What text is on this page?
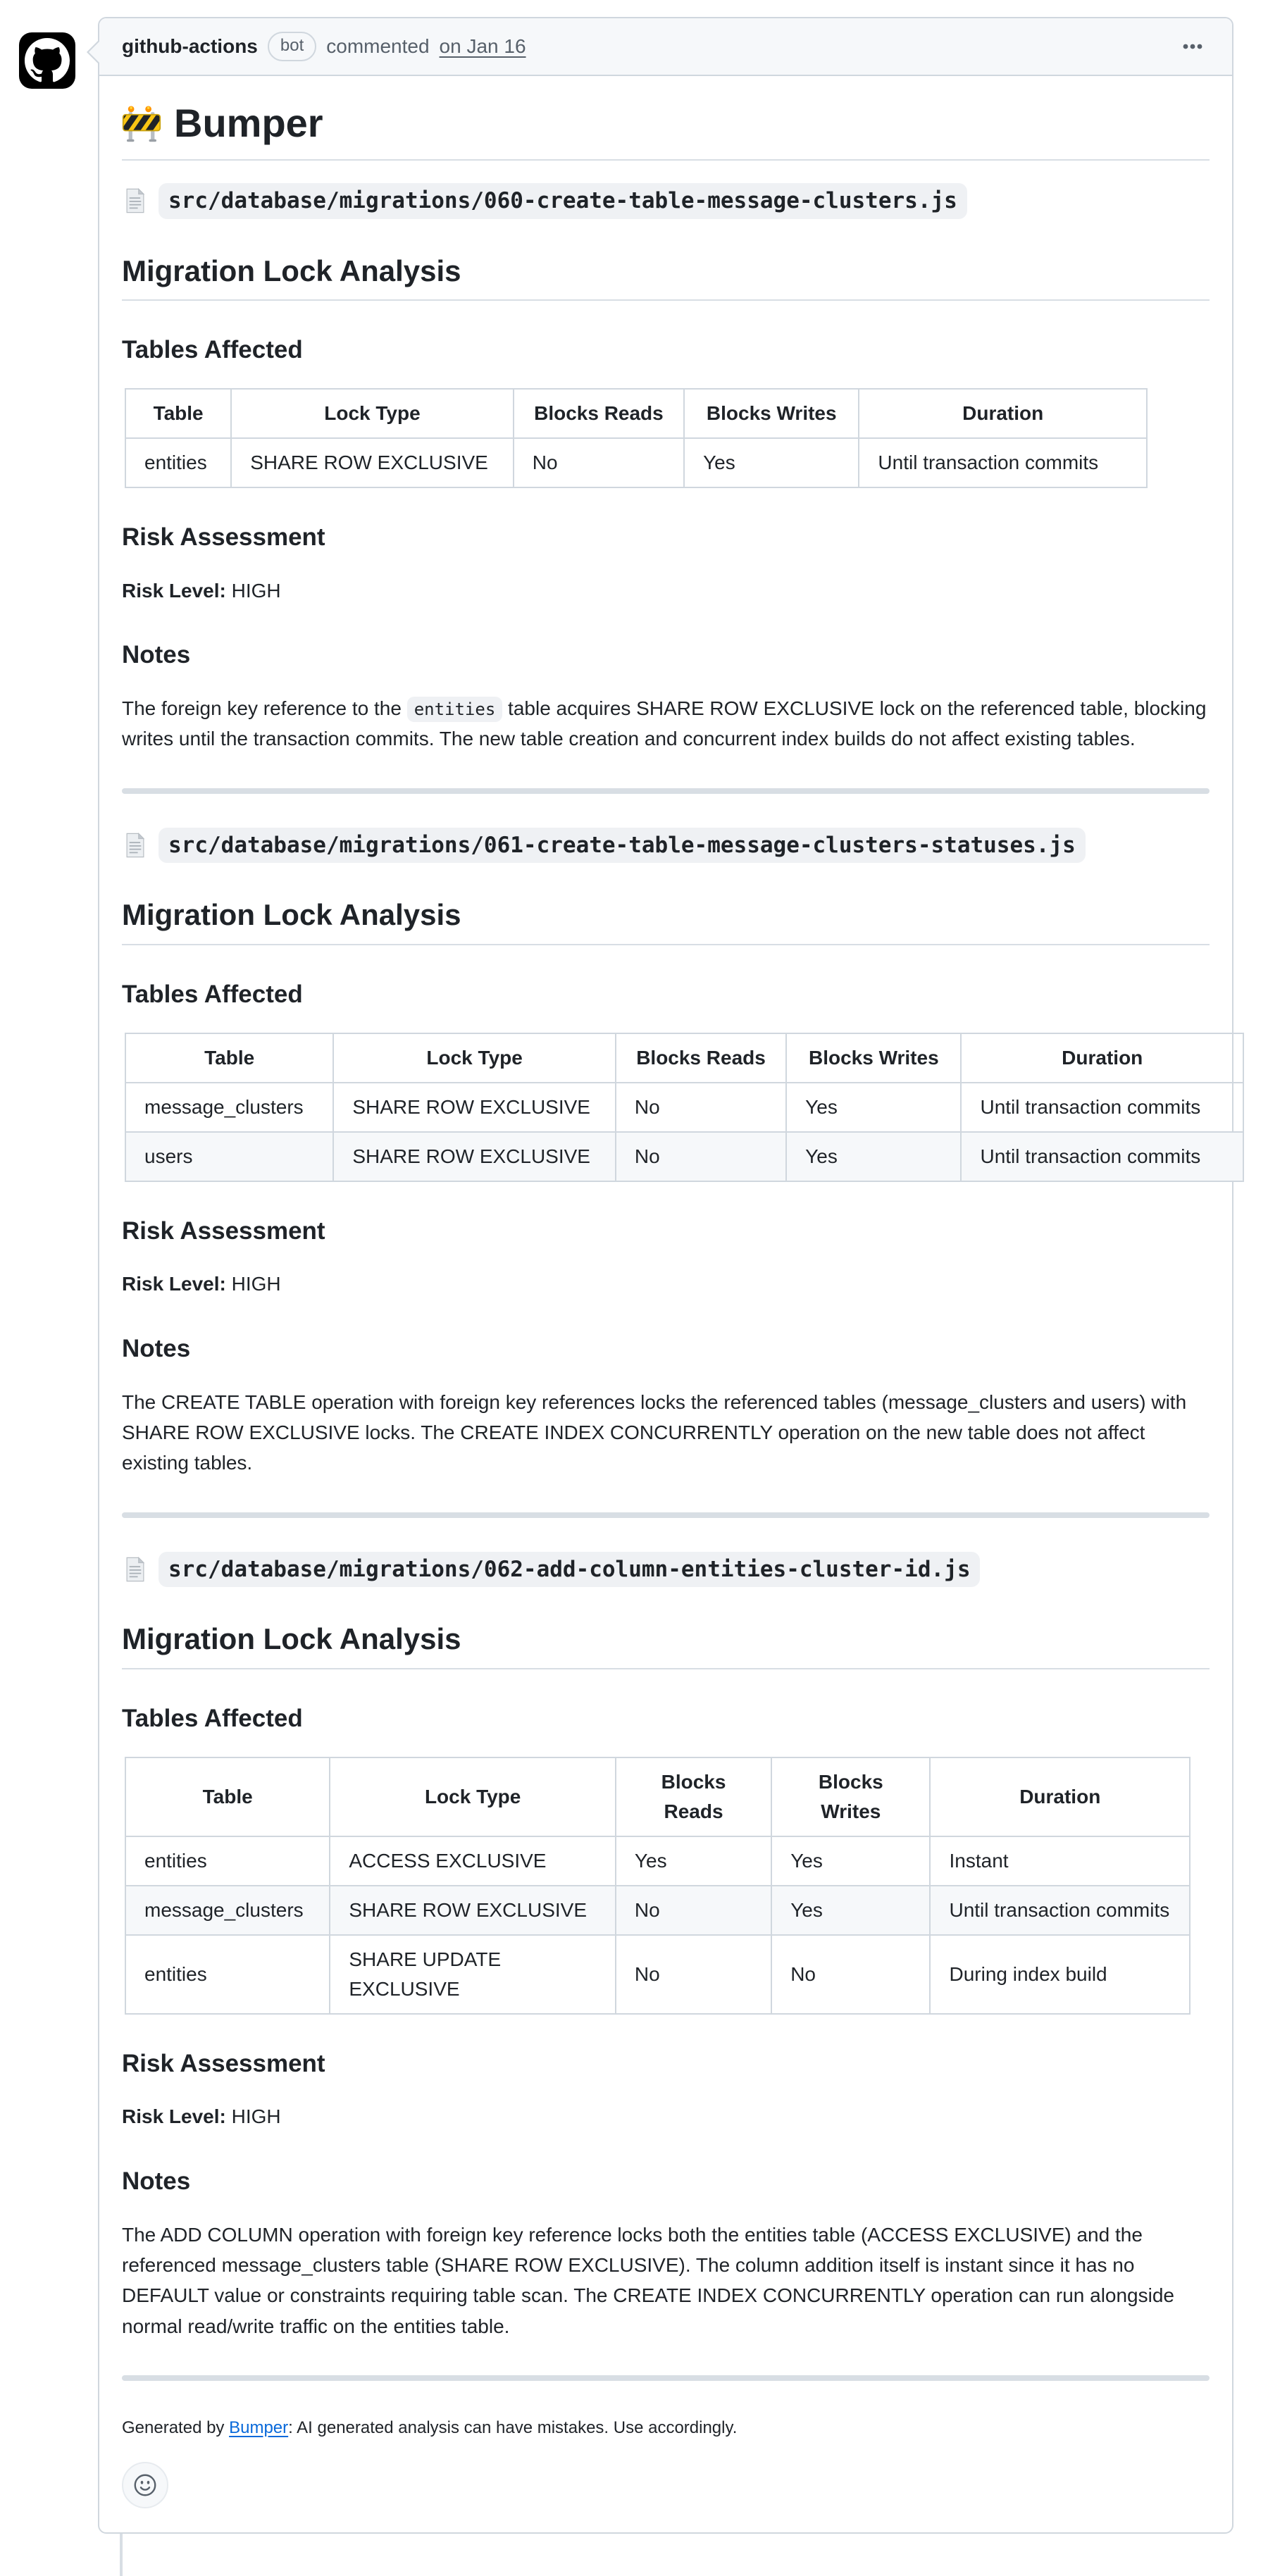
github-actions	bot	commented on Jan 16
Bumper
src/database/migrations/060-create-table-message-clusters.js
Migration Lock Analysis
Tables Affected
Table	Lock Type	Blocks Reads	Blocks Writes	Duration
entities	SHARE ROW EXCLUSIVE	No	Yes	Until transaction commits
Risk Assessment

Risk Level: HIGH

Notes

The foreign key reference to the entities table acquires SHARE ROW EXCLUSIVE lock on the referenced table, blocking writes until the transaction commits. The new table creation and concurrent index builds do not affect existing tables.

src/database/migrations/061-create-table-message-clusters-statuses.js
Migration Lock Analysis
Tables Affected
Table	Lock Type	Blocks Reads	Blocks Writes	Duration
message_clusters	SHARE ROW EXCLUSIVE	No	Yes	Until transaction commits
users	SHARE ROW EXCLUSIVE	No	Yes	Until transaction commits
Risk Assessment

Risk Level: HIGH

Notes

The CREATE TABLE operation with foreign key references locks the referenced tables (message_clusters and users) with SHARE ROW EXCLUSIVE locks. The CREATE INDEX CONCURRENTLY operation on the new table does not affect existing tables.

src/database/migrations/062-add-column-entities-cluster-id.js
Migration Lock Analysis
Tables Affected
Table	Lock Type	Blocks Reads	Blocks Writes	Duration
entities	ACCESS EXCLUSIVE	Yes	Yes	Instant
message_clusters	SHARE ROW EXCLUSIVE	No	Yes	Until transaction commits
entities	SHARE UPDATE EXCLUSIVE	No	No	During index build
Risk Assessment

Risk Level: HIGH

Notes

The ADD COLUMN operation with foreign key reference locks both the entities table (ACCESS EXCLUSIVE) and the referenced message_clusters table (SHARE ROW EXCLUSIVE). The column addition itself is instant since it has no DEFAULT value or constraints requiring table scan. The CREATE INDEX CONCURRENTLY operation can run alongside normal read/write traffic on the entities table.

Generated by Bumper: AI generated analysis can have mistakes. Use accordingly.
